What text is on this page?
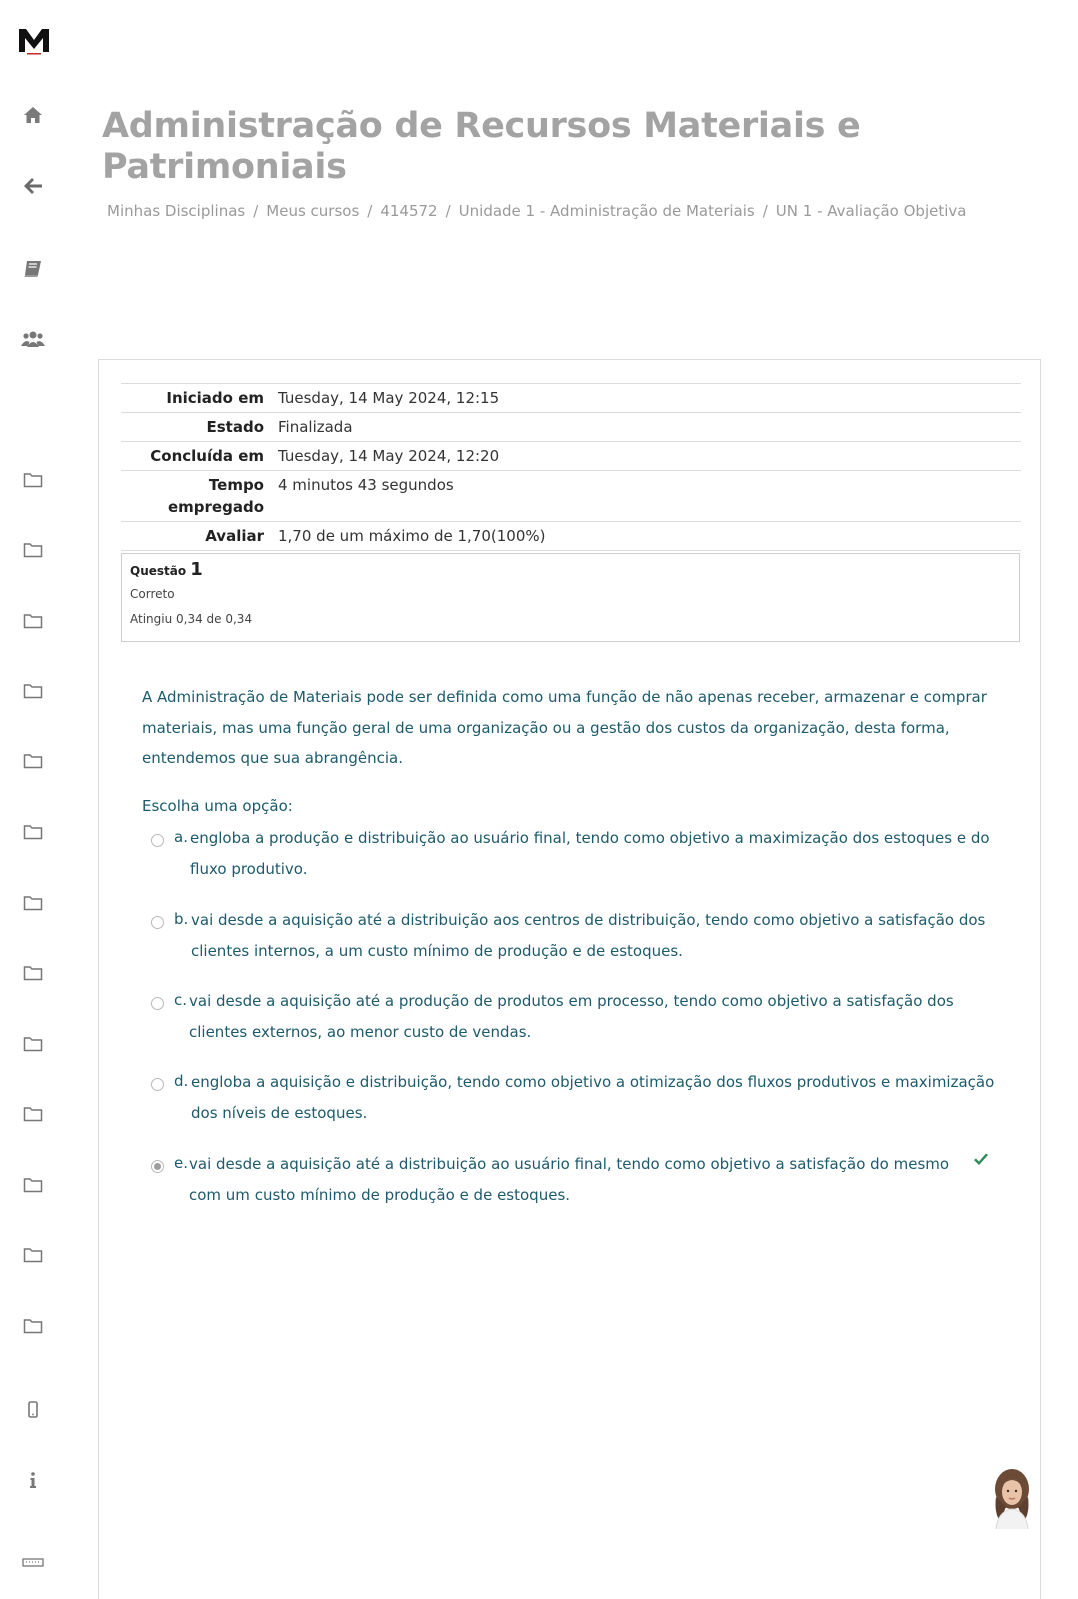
Administração de Recursos Materiais e Patrimoniais
Minhas Disciplinas / Meus cursos / 414572 / Unidade 1 - Administração de Materiais / UN 1 - Avaliação Objetiva
Iniciado em	Tuesday, 14 May 2024, 12:15
Estado	Finalizada
Concluída em	Tuesday, 14 May 2024, 12:20
Tempo empregado	4 minutos 43 segundos
Avaliar	1,70 de um máximo de 1,70(100%)
Questão 1
Correto
Atingiu 0,34 de 0,34

A Administração de Materiais pode ser definida como uma função de não apenas receber, armazenar e comprar materiais, mas uma função geral de uma organização ou a gestão dos custos da organização, desta forma, entendemos que sua abrangência.

Escolha uma opção:
a. engloba a produção e distribuição ao usuário final, tendo como objetivo a maximização dos estoques e do fluxo produtivo.
b. vai desde a aquisição até a distribuição aos centros de distribuição, tendo como objetivo a satisfação dos clientes internos, a um custo mínimo de produção e de estoques.
c. vai desde a aquisição até a produção de produtos em processo, tendo como objetivo a satisfação dos clientes externos, ao menor custo de vendas.
d. engloba a aquisição e distribuição, tendo como objetivo a otimização dos fluxos produtivos e maximização dos níveis de estoques.
e. vai desde a aquisição até a distribuição ao usuário final, tendo como objetivo a satisfação do mesmo com um custo mínimo de produção e de estoques.
